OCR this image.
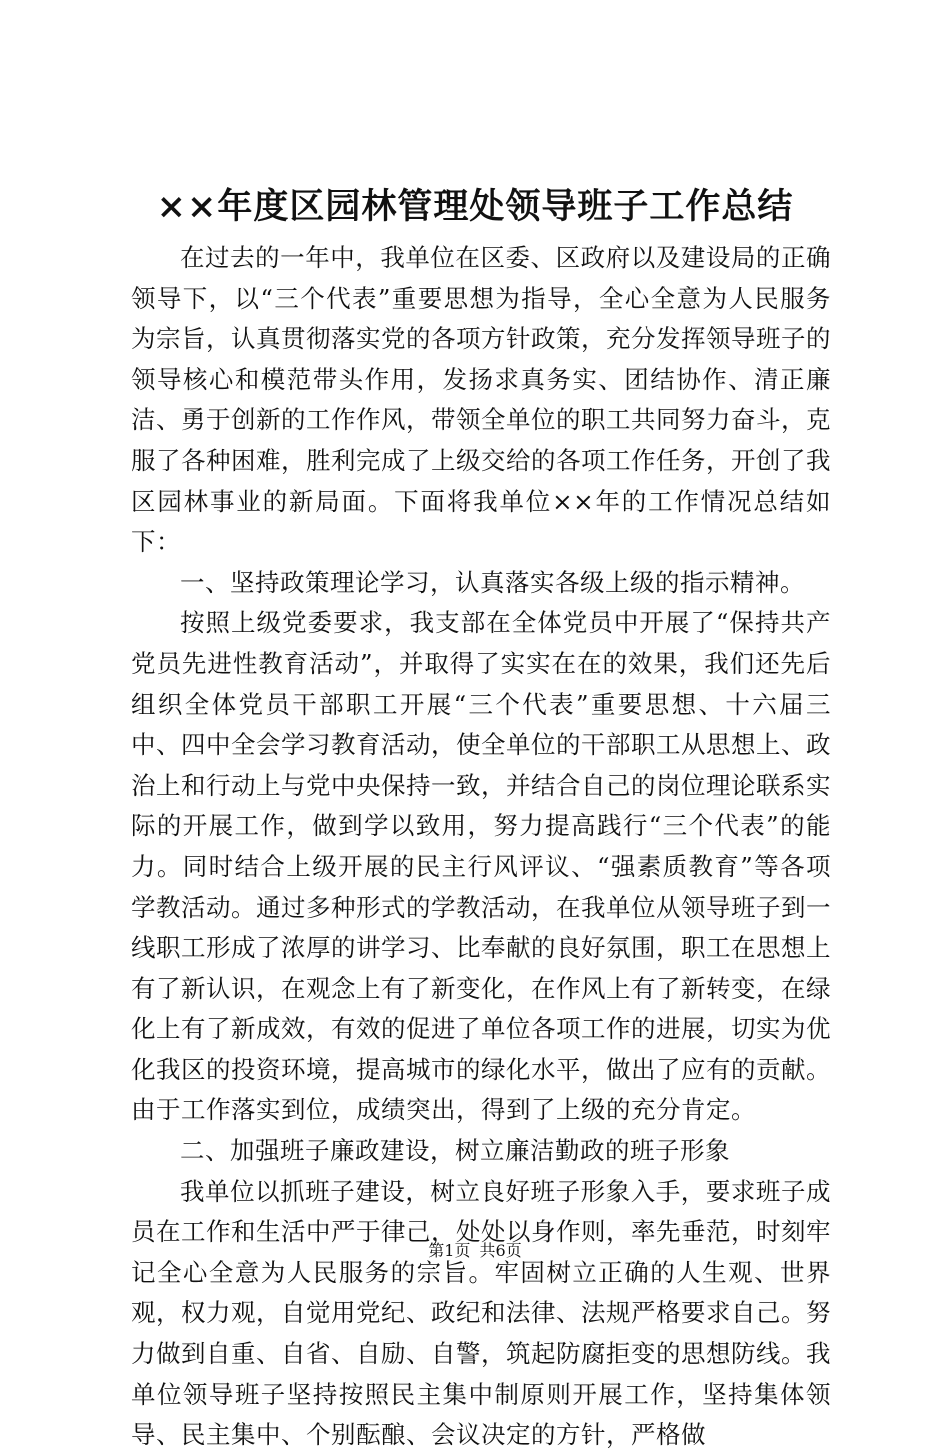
××年度区园林管理处领导班子工作总结

在过去的一年中，我单位在区委、区政府以及建设局的正确领导下，以“三个代表”重要思想为指导，全心全意为人民服务为宗旨，认真贯彻落实党的各项方针政策，充分发挥领导班子的领导核心和模范带头作用，发扬求真务实、团结协作、清正廉洁、勇于创新的工作作风，带领全单位的职工共同努力奋斗，克服了各种困难，胜利完成了上级交给的各项工作任务，开创了我区园林事业的新局面。下面将我单位××年的工作情况总结如下：

一、坚持政策理论学习，认真落实各级上级的指示精神。

按照上级党委要求，我支部在全体党员中开展了“保持共产党员先进性教育活动”，并取得了实实在在的效果，我们还先后组织全体党员干部职工开展“三个代表”重要思想、十六届三中、四中全会学习教育活动，使全单位的干部职工从思想上、政治上和行动上与党中央保持一致，并结合自己的岗位理论联系实际的开展工作，做到学以致用，努力提高践行“三个代表”的能力。同时结合上级开展的民主行风评议、“强素质教育”等各项学教活动。通过多种形式的学教活动，在我单位从领导班子到一线职工形成了浓厚的讲学习、比奉献的良好氛围，职工在思想上有了新认识，在观念上有了新变化，在作风上有了新转变，在绿化上有了新成效，有效的促进了单位各项工作的进展，切实为优化我区的投资环境，提高城市的绿化水平，做出了应有的贡献。由于工作落实到位，成绩突出，得到了上级的充分肯定。

二、加强班子廉政建设，树立廉洁勤政的班子形象

我单位以抓班子建设，树立良好班子形象入手，要求班子成员在工作和生活中严于律己，处处以身作则，率先垂范，时刻牢记全心全意为人民服务的宗旨。牢固树立正确的人生观、世界观，权力观，自觉用党纪、政纪和法律、法规严格要求自己。努力做到自重、自省、自励、自警，筑起防腐拒变的思想防线。我单位领导班子坚持按照民主集中制原则开展工作，坚持集体领导、民主集中、个别酝酿、会议决定的方针，严格做

第1页 共6页
